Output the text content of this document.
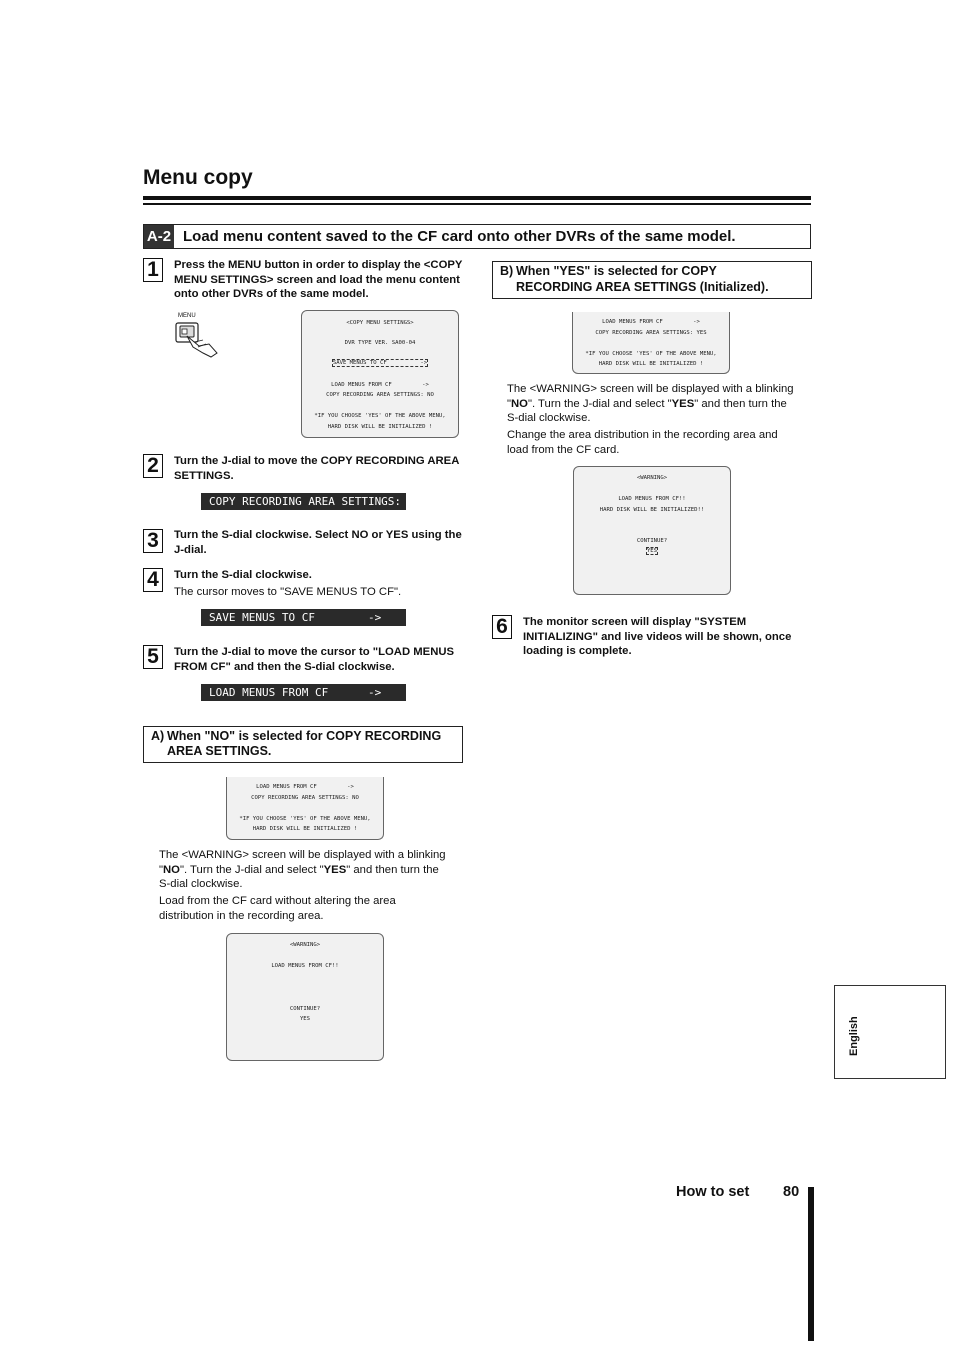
Menu copy
A-2 Load menu content saved to the CF card onto other DVRs of the same model.
1	Press the MENU button in order to display the <COPY MENU SETTINGS> screen and load the menu content onto other DVRs of the same model.
MENU
<COPY MENU SETTINGS>
DVR TYPE VER. SA00-04
SAVE MENUS TO CF          ->
LOAD MENUS FROM CF         ->
COPY RECORDING AREA SETTINGS: NO
*IF YOU CHOOSE 'YES' OF THE ABOVE MENU,
HARD DISK WILL BE INITIALIZED !
2	Turn the J-dial to move the COPY RECORDING AREA SETTINGS.
COPY RECORDING AREA SETTINGS: NO
3	Turn the S-dial clockwise. Select NO or YES using the J-dial.
4	Turn the S-dial clockwise.
The cursor moves to "SAVE MENUS TO CF".
SAVE MENUS TO CF        ->
5	Turn the J-dial to move the cursor to "LOAD MENUS FROM CF" and then the S-dial clockwise.
LOAD MENUS FROM CF      ->
A) When "NO" is selected for COPY RECORDING
AREA SETTINGS.
LOAD MENUS FROM CF         ->
COPY RECORDING AREA SETTINGS: NO
*IF YOU CHOOSE 'YES' OF THE ABOVE MENU,
HARD DISK WILL BE INITIALIZED !
The <WARNING> screen will be displayed with a blinking
"NO". Turn the J-dial and select "YES" and then turn the
S-dial clockwise.
Load from the CF card without altering the area
distribution in the recording area.
<WARNING>
LOAD MENUS FROM CF!!
CONTINUE?
YES
B) When "YES" is selected for COPY
RECORDING AREA SETTINGS (Initialized).
LOAD MENUS FROM CF         ->
COPY RECORDING AREA SETTINGS: YES
*IF YOU CHOOSE 'YES' OF THE ABOVE MENU,
HARD DISK WILL BE INITIALIZED !
The <WARNING> screen will be displayed with a blinking
"NO". Turn the J-dial and select "YES" and then turn the
S-dial clockwise.
Change the area distribution in the recording area and
load from the CF card.
<WARNING>
LOAD MENUS FROM CF!!
HARD DISK WILL BE INITIALIZED!!
CONTINUE?
YES
6	The monitor screen will display "SYSTEM INITIALIZING" and live videos will be shown, once loading is complete.
English
How to set 80
